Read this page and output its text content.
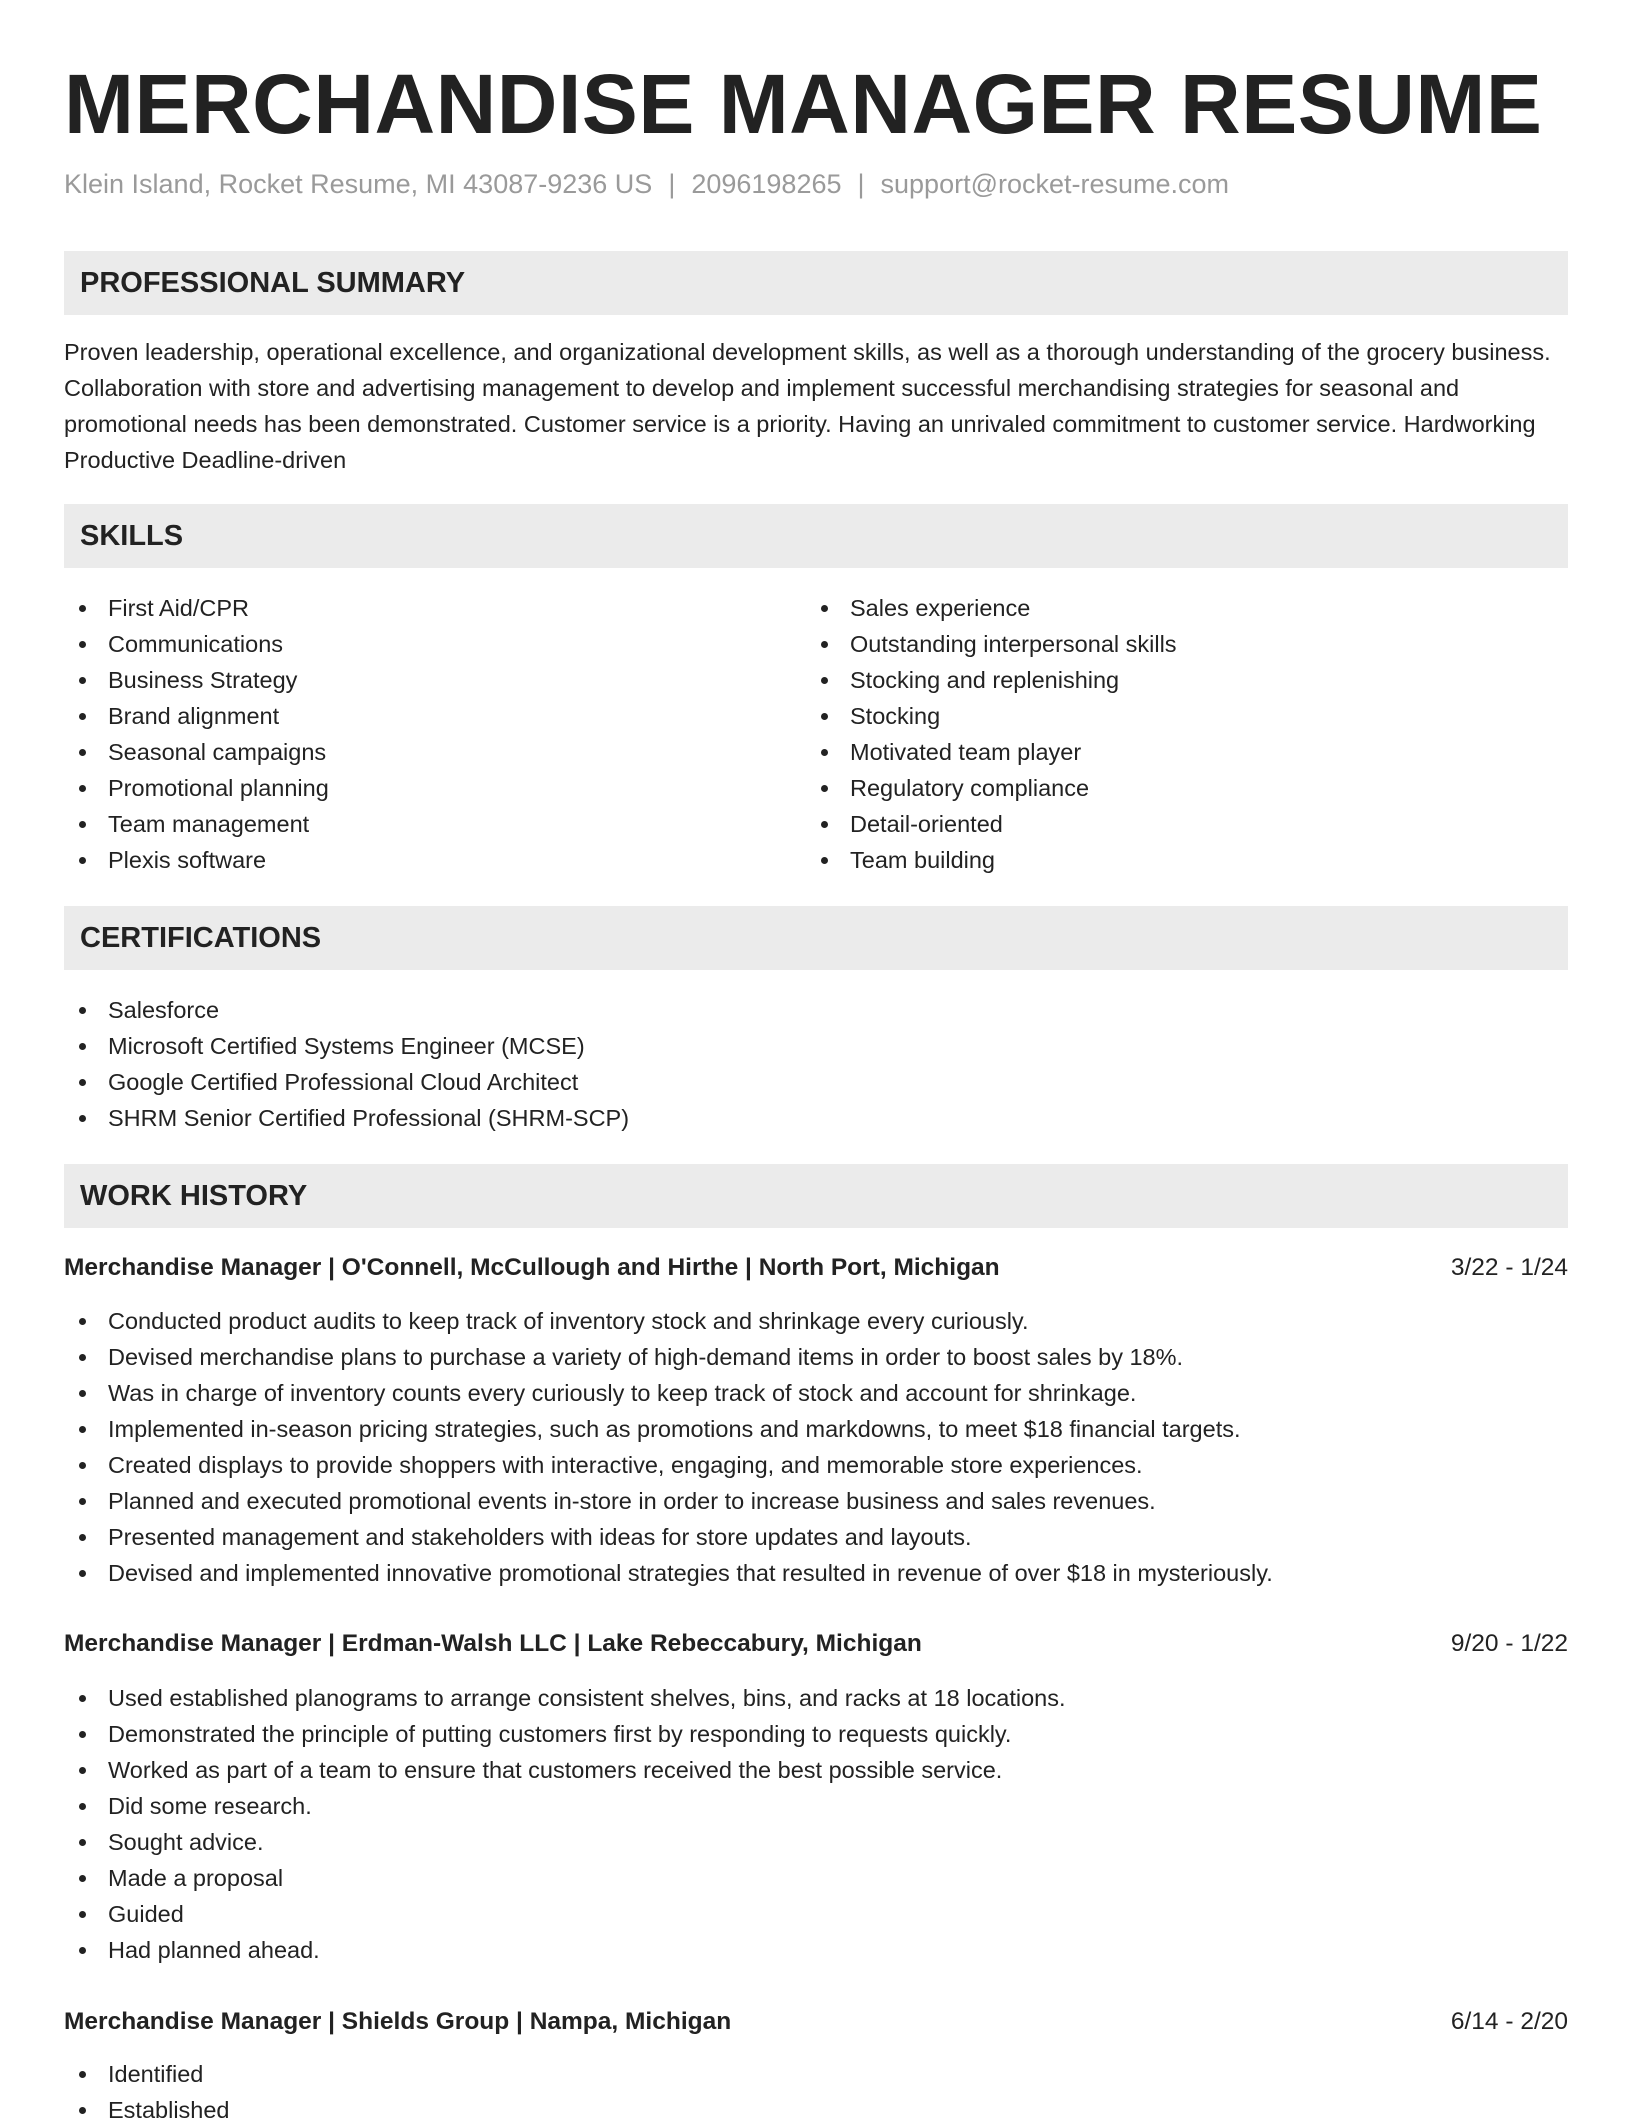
MERCHANDISE MANAGER RESUME
Klein Island, Rocket Resume, MI 43087-9236 US | 2096198265 | support@rocket-resume.com
PROFESSIONAL SUMMARY

Proven leadership, operational excellence, and organizational development skills, as well as a thorough understanding of the grocery business. Collaboration with store and advertising management to develop and implement successful merchandising strategies for seasonal and promotional needs has been demonstrated. Customer service is a priority. Having an unrivaled commitment to customer service. Hardworking Productive Deadline-driven

SKILLS
First Aid/CPR
Communications
Business Strategy
Brand alignment
Seasonal campaigns
Promotional planning
Team management
Plexis software
Sales experience
Outstanding interpersonal skills
Stocking and replenishing
Stocking
Motivated team player
Regulatory compliance
Detail-oriented
Team building
CERTIFICATIONS
Salesforce
Microsoft Certified Systems Engineer (MCSE)
Google Certified Professional Cloud Architect
SHRM Senior Certified Professional (SHRM-SCP)
WORK HISTORY
Merchandise Manager | O'Connell, McCullough and Hirthe | North Port, Michigan	3/22 - 1/24
Conducted product audits to keep track of inventory stock and shrinkage every curiously.
Devised merchandise plans to purchase a variety of high-demand items in order to boost sales by 18%.
Was in charge of inventory counts every curiously to keep track of stock and account for shrinkage.
Implemented in-season pricing strategies, such as promotions and markdowns, to meet $18 financial targets.
Created displays to provide shoppers with interactive, engaging, and memorable store experiences.
Planned and executed promotional events in-store in order to increase business and sales revenues.
Presented management and stakeholders with ideas for store updates and layouts.
Devised and implemented innovative promotional strategies that resulted in revenue of over $18 in mysteriously.
Merchandise Manager | Erdman-Walsh LLC | Lake Rebeccabury, Michigan	9/20 - 1/22
Used established planograms to arrange consistent shelves, bins, and racks at 18 locations.
Demonstrated the principle of putting customers first by responding to requests quickly.
Worked as part of a team to ensure that customers received the best possible service.
Did some research.
Sought advice.
Made a proposal
Guided
Had planned ahead.
Merchandise Manager | Shields Group | Nampa, Michigan	6/14 - 2/20
Identified
Established
